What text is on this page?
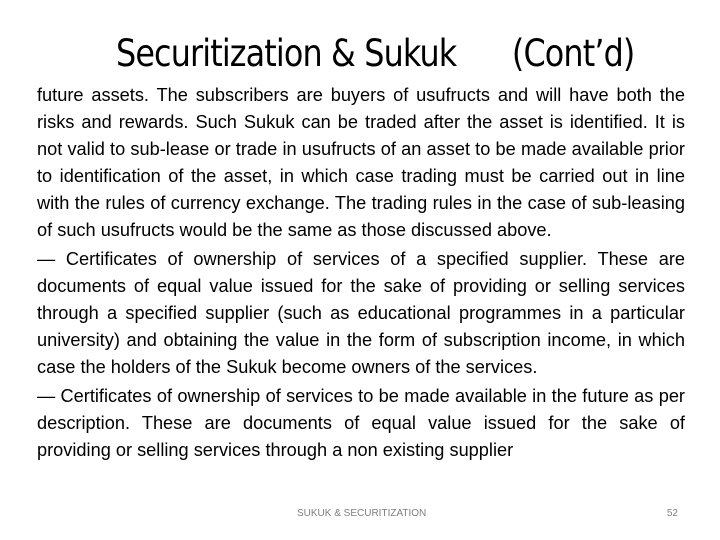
Securitization & Sukuk      (Cont’d)

future assets. The subscribers are buyers of usufructs and will have both the risks and rewards. Such Sukuk can be traded after the asset is identified. It is not valid to sub-lease or trade in usufructs of an asset to be made available prior to identification of the asset, in which case trading must be carried out in line with the rules of currency exchange. The trading rules in the case of sub-leasing of such usufructs would be the same as those discussed above.

— Certificates of ownership of services of a specified supplier. These are documents of equal value issued for the sake of providing or selling services through a specified supplier (such as educational programmes in a particular university) and obtaining the value in the form of subscription income, in which case the holders of the Sukuk become owners of the services.

— Certificates of ownership of services to be made available in the future as per description. These are documents of equal value issued for the sake of providing or selling services through a non existing supplier

SUKUK & SECURITIZATION	52
